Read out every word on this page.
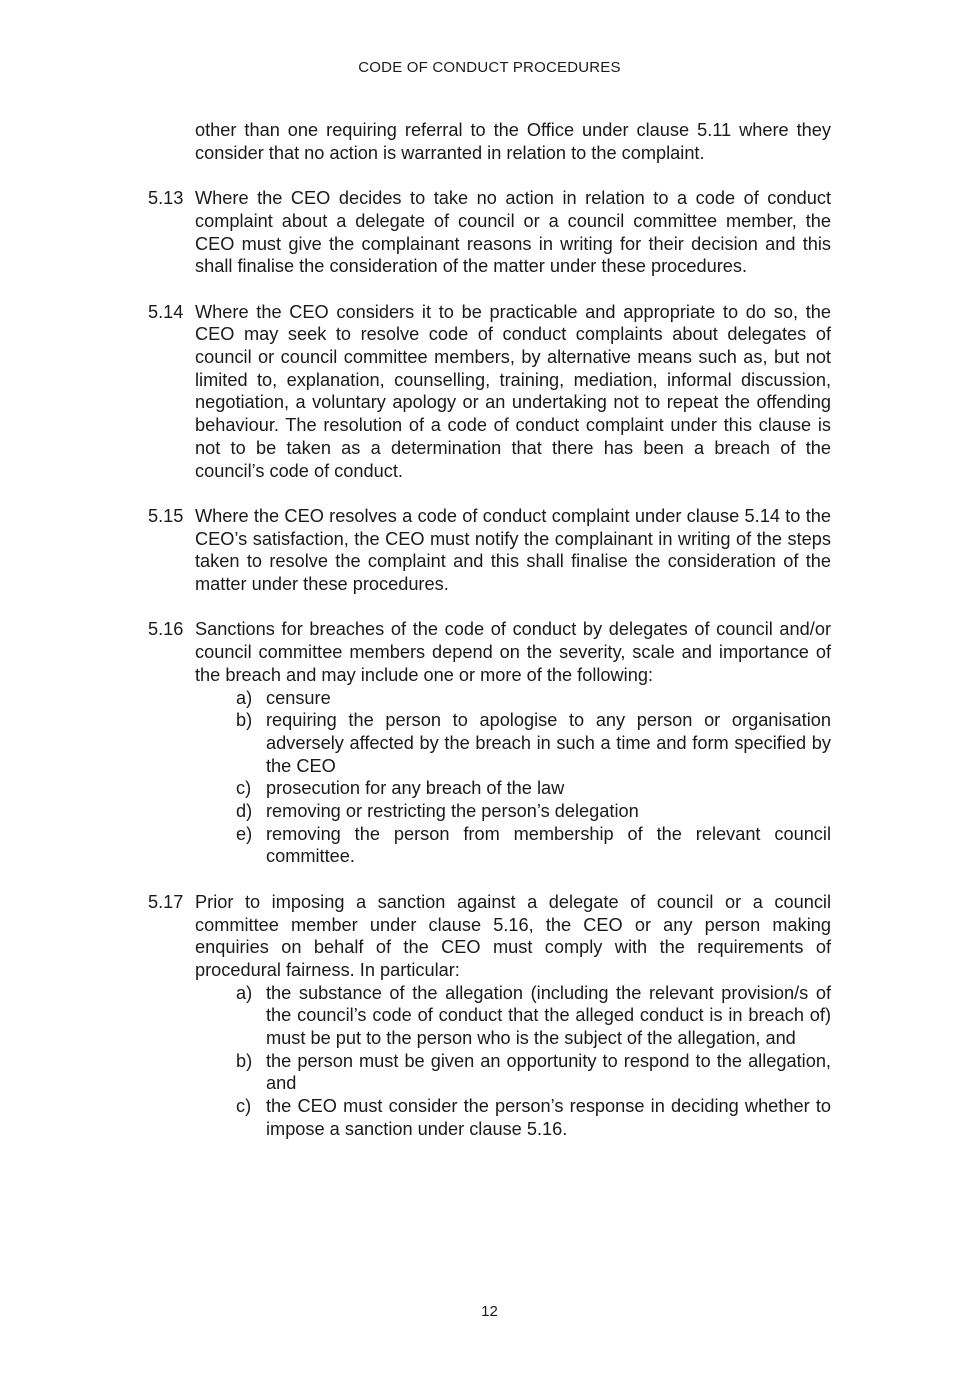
CODE OF CONDUCT PROCEDURES
other than one requiring referral to the Office under clause 5.11 where they consider that no action is warranted in relation to the complaint.
5.13 Where the CEO decides to take no action in relation to a code of conduct complaint about a delegate of council or a council committee member, the CEO must give the complainant reasons in writing for their decision and this shall finalise the consideration of the matter under these procedures.
5.14 Where the CEO considers it to be practicable and appropriate to do so, the CEO may seek to resolve code of conduct complaints about delegates of council or council committee members, by alternative means such as, but not limited to, explanation, counselling, training, mediation, informal discussion, negotiation, a voluntary apology or an undertaking not to repeat the offending behaviour. The resolution of a code of conduct complaint under this clause is not to be taken as a determination that there has been a breach of the council’s code of conduct.
5.15 Where the CEO resolves a code of conduct complaint under clause 5.14 to the CEO’s satisfaction, the CEO must notify the complainant in writing of the steps taken to resolve the complaint and this shall finalise the consideration of the matter under these procedures.
5.16 Sanctions for breaches of the code of conduct by delegates of council and/or council committee members depend on the severity, scale and importance of the breach and may include one or more of the following:
a) censure
b) requiring the person to apologise to any person or organisation adversely affected by the breach in such a time and form specified by the CEO
c) prosecution for any breach of the law
d) removing or restricting the person’s delegation
e) removing the person from membership of the relevant council committee.
5.17 Prior to imposing a sanction against a delegate of council or a council committee member under clause 5.16, the CEO or any person making enquiries on behalf of the CEO must comply with the requirements of procedural fairness. In particular:
a) the substance of the allegation (including the relevant provision/s of the council’s code of conduct that the alleged conduct is in breach of) must be put to the person who is the subject of the allegation, and
b) the person must be given an opportunity to respond to the allegation, and
c) the CEO must consider the person’s response in deciding whether to impose a sanction under clause 5.16.
12
